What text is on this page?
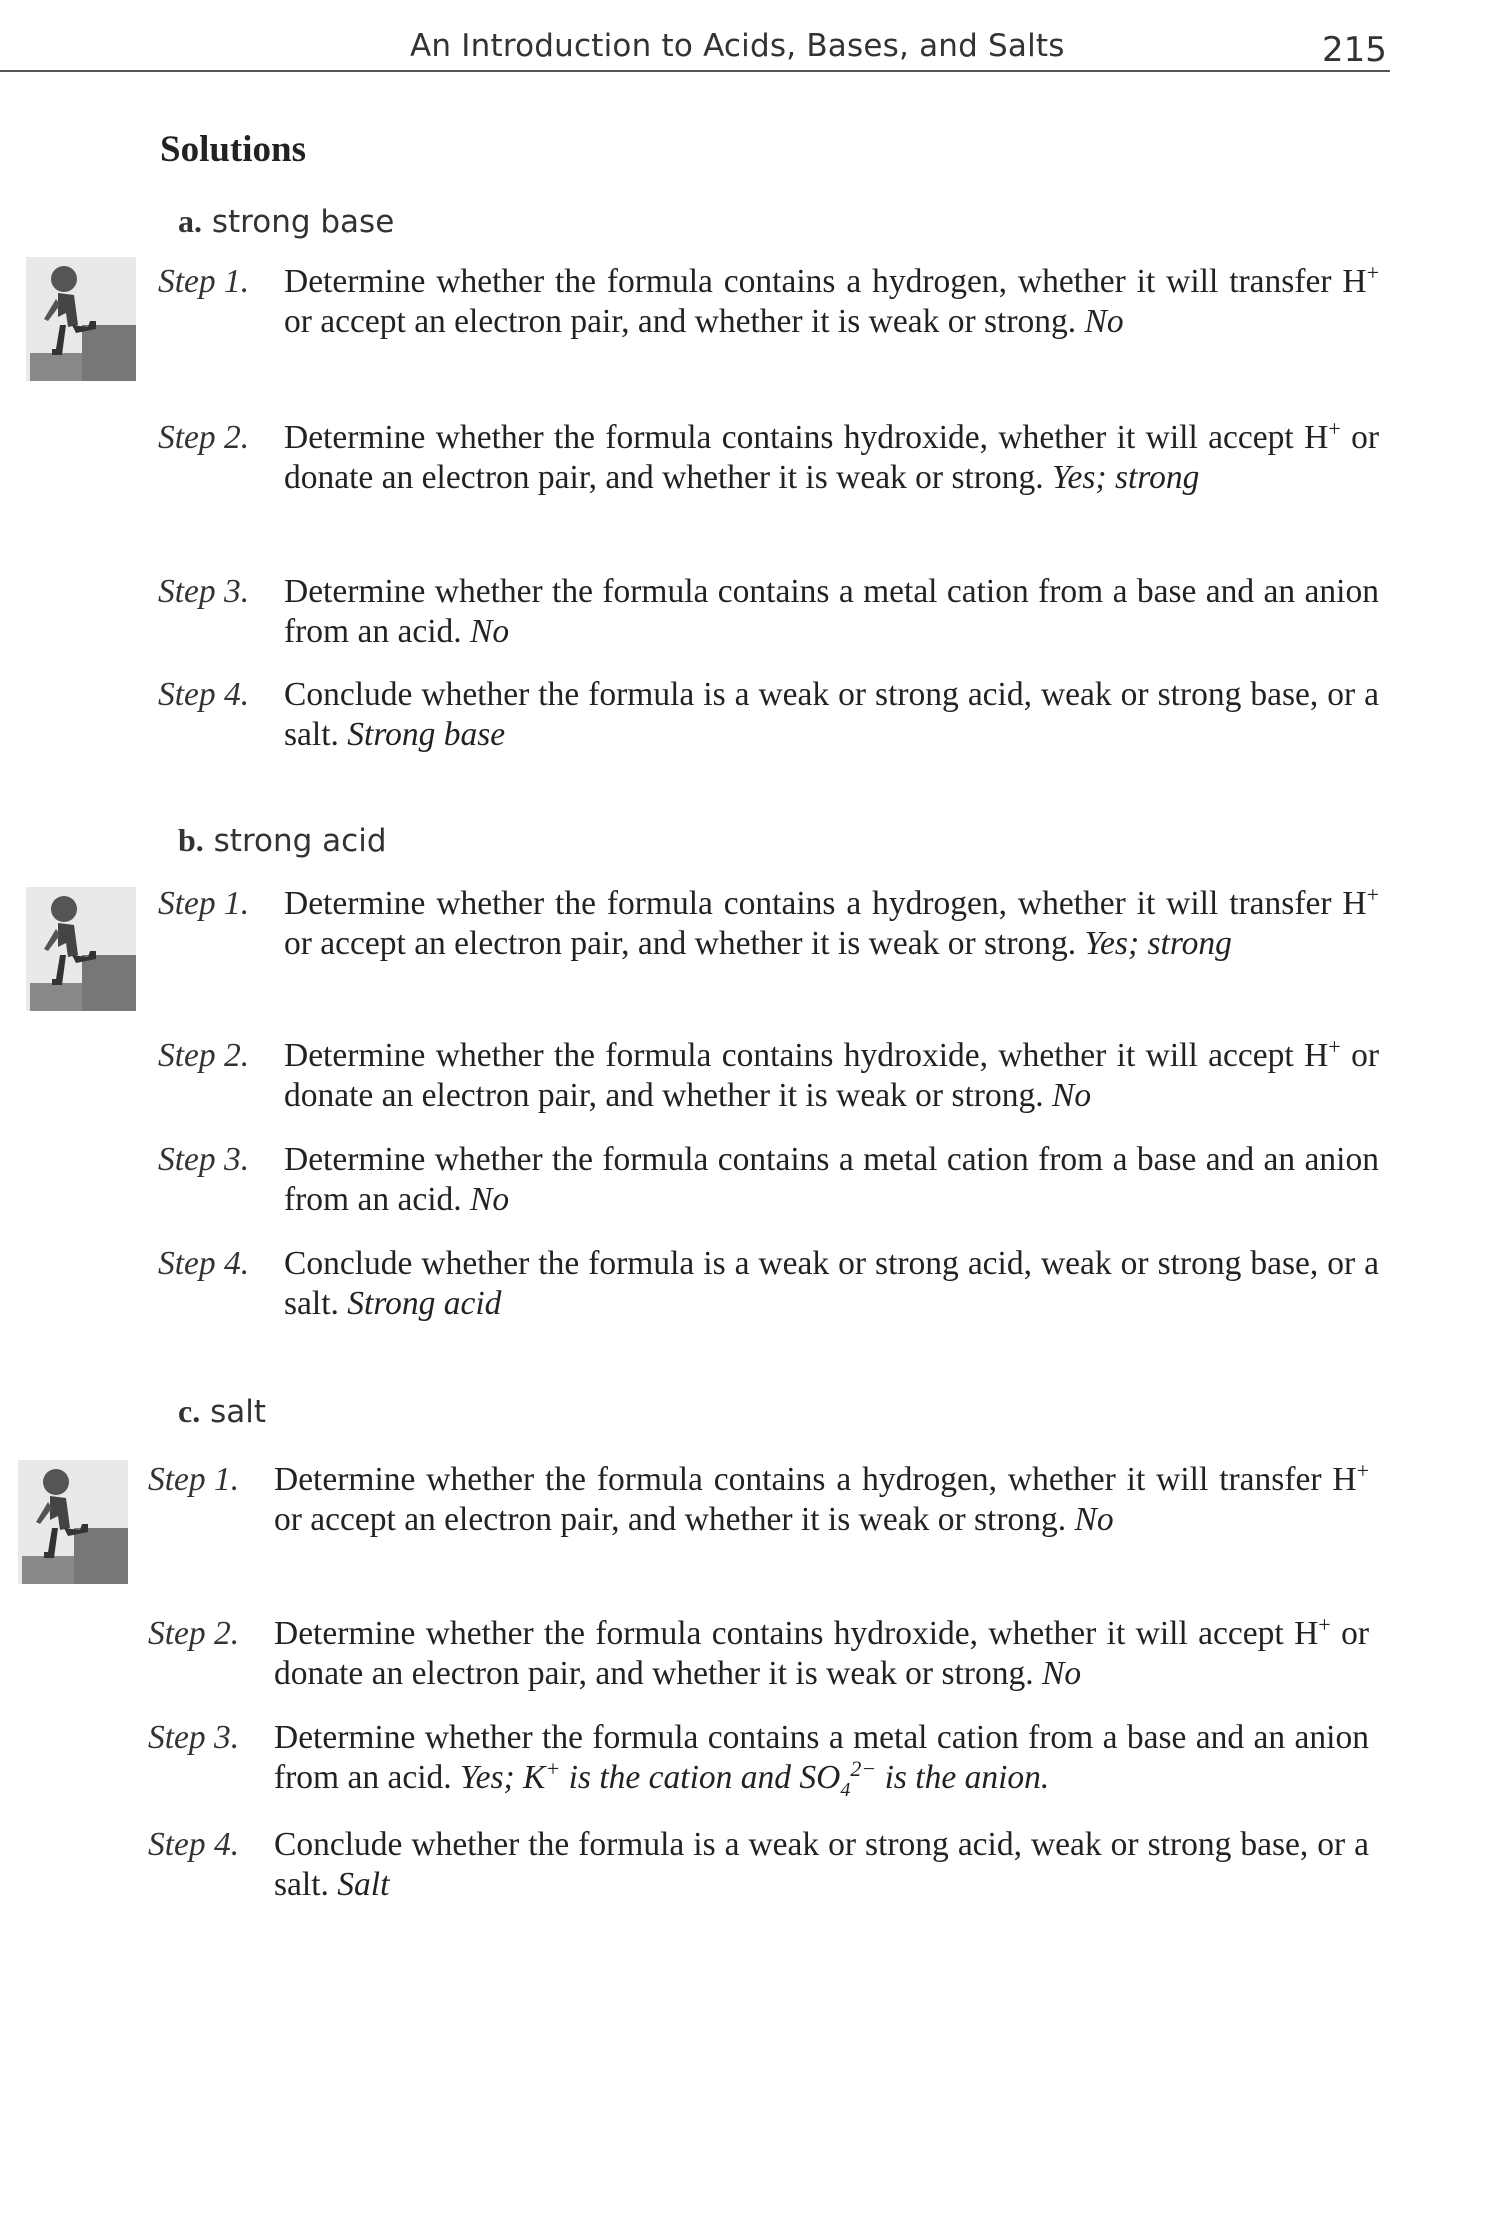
An Introduction to Acids, Bases, and Salts	215
Solutions
a. strong base
Step 1. Determine whether the formula contains a hydrogen, whether it will transfer H+ or accept an electron pair, and whether it is weak or strong. No
Step 2. Determine whether the formula contains hydroxide, whether it will accept H+ or donate an electron pair, and whether it is weak or strong. Yes; strong
Step 3. Determine whether the formula contains a metal cation from a base and an anion from an acid. No
Step 4. Conclude whether the formula is a weak or strong acid, weak or strong base, or a salt. Strong base
b. strong acid
Step 1. Determine whether the formula contains a hydrogen, whether it will transfer H+ or accept an electron pair, and whether it is weak or strong. Yes; strong
Step 2. Determine whether the formula contains hydroxide, whether it will accept H+ or donate an electron pair, and whether it is weak or strong. No
Step 3. Determine whether the formula contains a metal cation from a base and an anion from an acid. No
Step 4. Conclude whether the formula is a weak or strong acid, weak or strong base, or a salt. Strong acid
c. salt
Step 1. Determine whether the formula contains a hydrogen, whether it will transfer H+ or accept an electron pair, and whether it is weak or strong. No
Step 2. Determine whether the formula contains hydroxide, whether it will accept H+ or donate an electron pair, and whether it is weak or strong. No
Step 3. Determine whether the formula contains a metal cation from a base and an anion from an acid. Yes; K+ is the cation and $SO_4^{2-}$ is the anion.
Step 4. Conclude whether the formula is a weak or strong acid, weak or strong base, or a salt. Salt
